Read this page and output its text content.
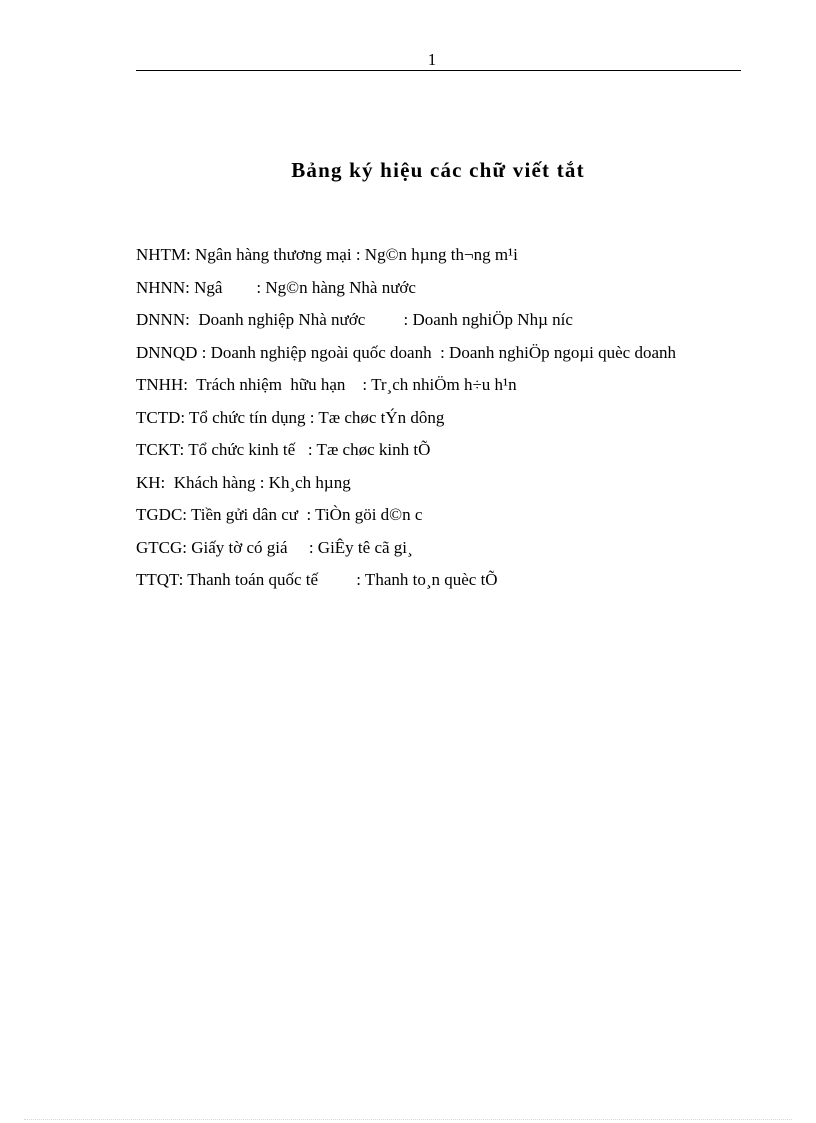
1
Bảng ký hiệu các chữ viết tắt
NHTM: Ngân hàng thương mại : Ng©n hµng th¬ng m¹i
NHNN: Ngâ        : Ng©n hàng Nhà nước
DNNN:  Doanh nghiệp Nhà nước         : Doanh nghiÖp Nhµ níc
DNNQD : Doanh nghiệp ngoài quốc doanh  : Doanh nghiÖp ngoµi quèc doanh
TNHH:  Trách nhiệm  hữu hạn    : Tr¸ch nhiÖm h÷u h¹n
TCTD: Tổ chức tín dụng : Tæ chøc tÝn dông
TCKT: Tổ chức kinh tế   : Tæ chøc kinh tÕ
KH:  Khách hàng : Kh¸ch hµng
TGDC: Tiền gửi dân cư  : TiÒn göi d©n c
GTCG: Giấy tờ có giá     : GiÊy tê cã gi¸
TTQT: Thanh toán quốc tế         : Thanh to¸n quèc tÕ
